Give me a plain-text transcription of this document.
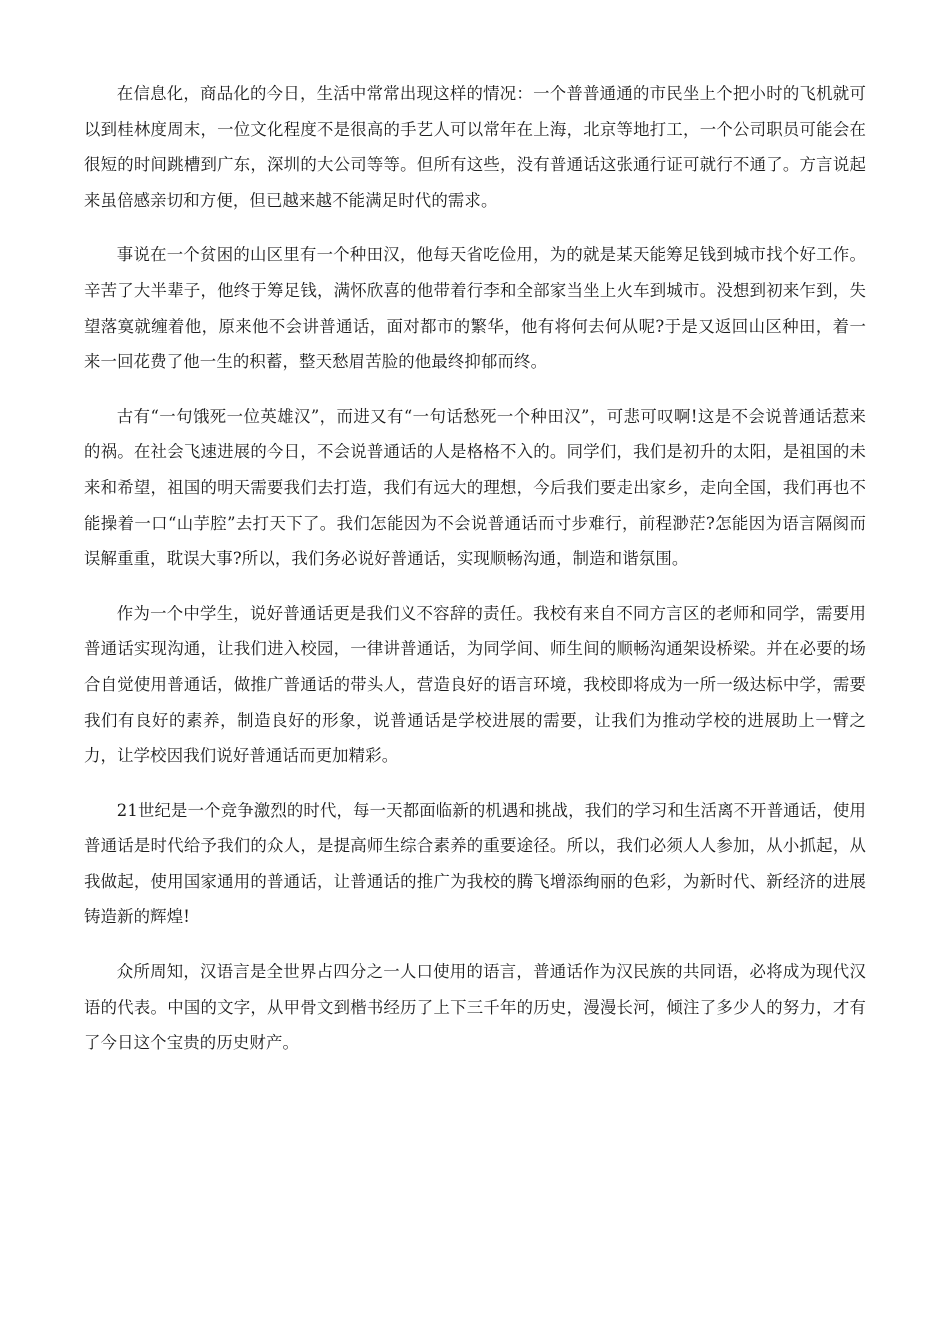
在信息化，商品化的今日，生活中常常出现这样的情况：一个普普通通的市民坐上个把小时的飞机就可以到桂林度周末，一位文化程度不是很高的手艺人可以常年在上海，北京等地打工，一个公司职员可能会在很短的时间跳槽到广东，深圳的大公司等等。但所有这些，没有普通话这张通行证可就行不通了。方言说起来虽倍感亲切和方便，但已越来越不能满足时代的需求。

事说在一个贫困的山区里有一个种田汉，他每天省吃俭用，为的就是某天能筹足钱到城市找个好工作。辛苦了大半辈子，他终于筹足钱，满怀欣喜的他带着行李和全部家当坐上火车到城市。没想到初来乍到，失望落寞就缠着他，原来他不会讲普通话，面对都市的繁华，他有将何去何从呢?于是又返回山区种田，着一来一回花费了他一生的积蓄，整天愁眉苦脸的他最终抑郁而终。

古有“一句饿死一位英雄汉”，而进又有“一句话愁死一个种田汉”，可悲可叹啊!这是不会说普通话惹来的祸。在社会飞速进展的今日，不会说普通话的人是格格不入的。同学们，我们是初升的太阳，是祖国的未来和希望，祖国的明天需要我们去打造，我们有远大的理想，今后我们要走出家乡，走向全国，我们再也不能操着一口“山芋腔”去打天下了。我们怎能因为不会说普通话而寸步难行，前程渺茫?怎能因为语言隔阂而误解重重，耽误大事?所以，我们务必说好普通话，实现顺畅沟通，制造和谐氛围。

作为一个中学生，说好普通话更是我们义不容辞的责任。我校有来自不同方言区的老师和同学，需要用普通话实现沟通，让我们进入校园，一律讲普通话，为同学间、师生间的顺畅沟通架设桥梁。并在必要的场合自觉使用普通话，做推广普通话的带头人，营造良好的语言环境，我校即将成为一所一级达标中学，需要我们有良好的素养，制造良好的形象，说普通话是学校进展的需要，让我们为推动学校的进展助上一臂之力，让学校因我们说好普通话而更加精彩。

21世纪是一个竞争激烈的时代，每一天都面临新的机遇和挑战，我们的学习和生活离不开普通话，使用普通话是时代给予我们的众人，是提高师生综合素养的重要途径。所以，我们必须人人参加，从小抓起，从我做起，使用国家通用的普通话，让普通话的推广为我校的腾飞增添绚丽的色彩，为新时代、新经济的进展铸造新的辉煌!

众所周知，汉语言是全世界占四分之一人口使用的语言，普通话作为汉民族的共同语，必将成为现代汉语的代表。中国的文字，从甲骨文到楷书经历了上下三千年的历史，漫漫长河，倾注了多少人的努力，才有了今日这个宝贵的历史财产。
